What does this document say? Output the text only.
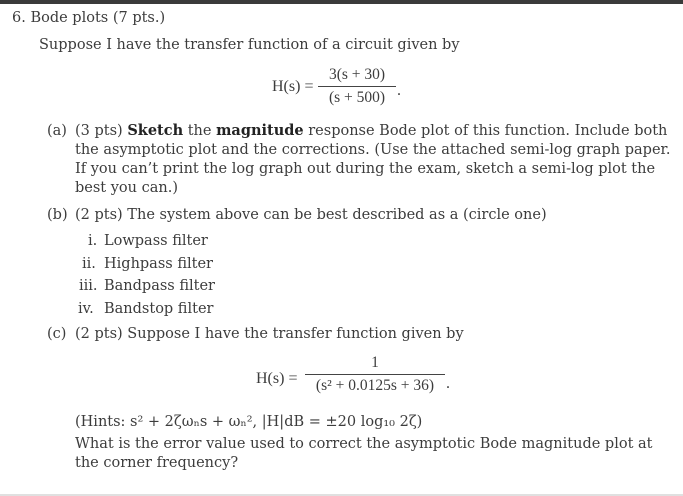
6. Bode plots (7 pts.)
Suppose I have the transfer function of a circuit given by
H(s) =
3(s + 30)
(s + 500) .
(a) (3 pts) Sketch the magnitude response Bode plot of this function. Include both
the asymptotic plot and the corrections. (Use the attached semi-log graph paper.
If you can’t print the log graph out during the exam, sketch a semi-log plot the
best you can.)
(b) (2 pts) The system above can be best described as a (circle one)
i. Lowpass filter
ii. Highpass filter
iii. Bandpass filter
iv. Bandstop filter
(c) (2 pts) Suppose I have the transfer function given by
H(s) =
1
(s² + 0.0125s + 36) .
(Hints: s² + 2ζωₙs + ωₙ², |H|dB = ±20 log₁₀ 2ζ)
What is the error value used to correct the asymptotic Bode magnitude plot at
the corner frequency?
